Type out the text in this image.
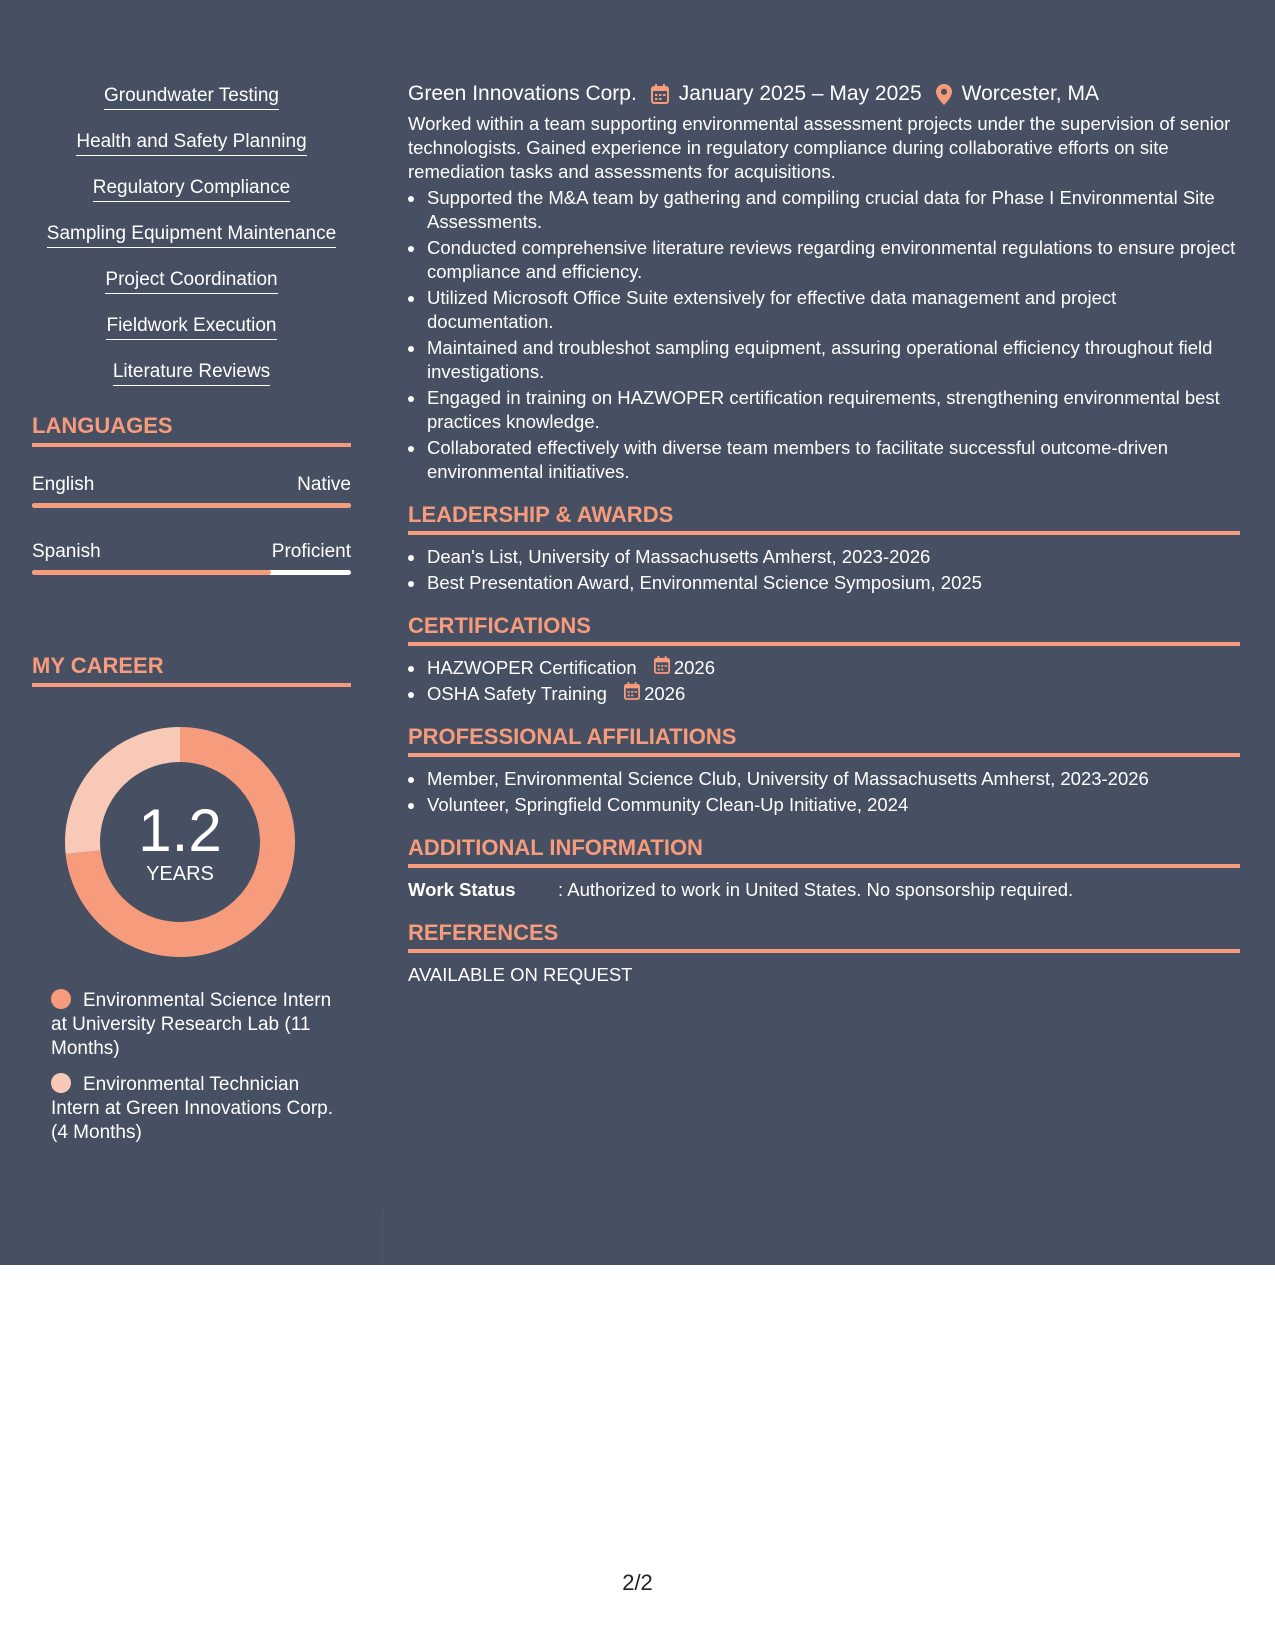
Groundwater Testing
Health and Safety Planning
Regulatory Compliance
Sampling Equipment Maintenance
Project Coordination
Fieldwork Execution
Literature Reviews
LANGUAGES
English	Native
Spanish	Proficient
MY CAREER
1.2
YEARS
Environmental Science Intern at University Research Lab (11 Months)
Environmental Technician Intern at Green Innovations Corp. (4 Months)
Green Innovations Corp. January 2025 – May 2025 Worcester, MA
Worked within a team supporting environmental assessment projects under the supervision of senior technologists. Gained experience in regulatory compliance during collaborative efforts on site remediation tasks and assessments for acquisitions.
• Supported the M&A team by gathering and compiling crucial data for Phase I Environmental Site Assessments.
• Conducted comprehensive literature reviews regarding environmental regulations to ensure project compliance and efficiency.
• Utilized Microsoft Office Suite extensively for effective data management and project documentation.
• Maintained and troubleshot sampling equipment, assuring operational efficiency throughout field investigations.
• Engaged in training on HAZWOPER certification requirements, strengthening environmental best practices knowledge.
• Collaborated effectively with diverse team members to facilitate successful outcome-driven environmental initiatives.
LEADERSHIP & AWARDS
• Dean's List, University of Massachusetts Amherst, 2023-2026
• Best Presentation Award, Environmental Science Symposium, 2025
CERTIFICATIONS
• HAZWOPER Certification 2026
• OSHA Safety Training 2026
PROFESSIONAL AFFILIATIONS
• Member, Environmental Science Club, University of Massachusetts Amherst, 2023-2026
• Volunteer, Springfield Community Clean-Up Initiative, 2024
ADDITIONAL INFORMATION
Work Status	: Authorized to work in United States. No sponsorship required.
REFERENCES
AVAILABLE ON REQUEST
2/2
